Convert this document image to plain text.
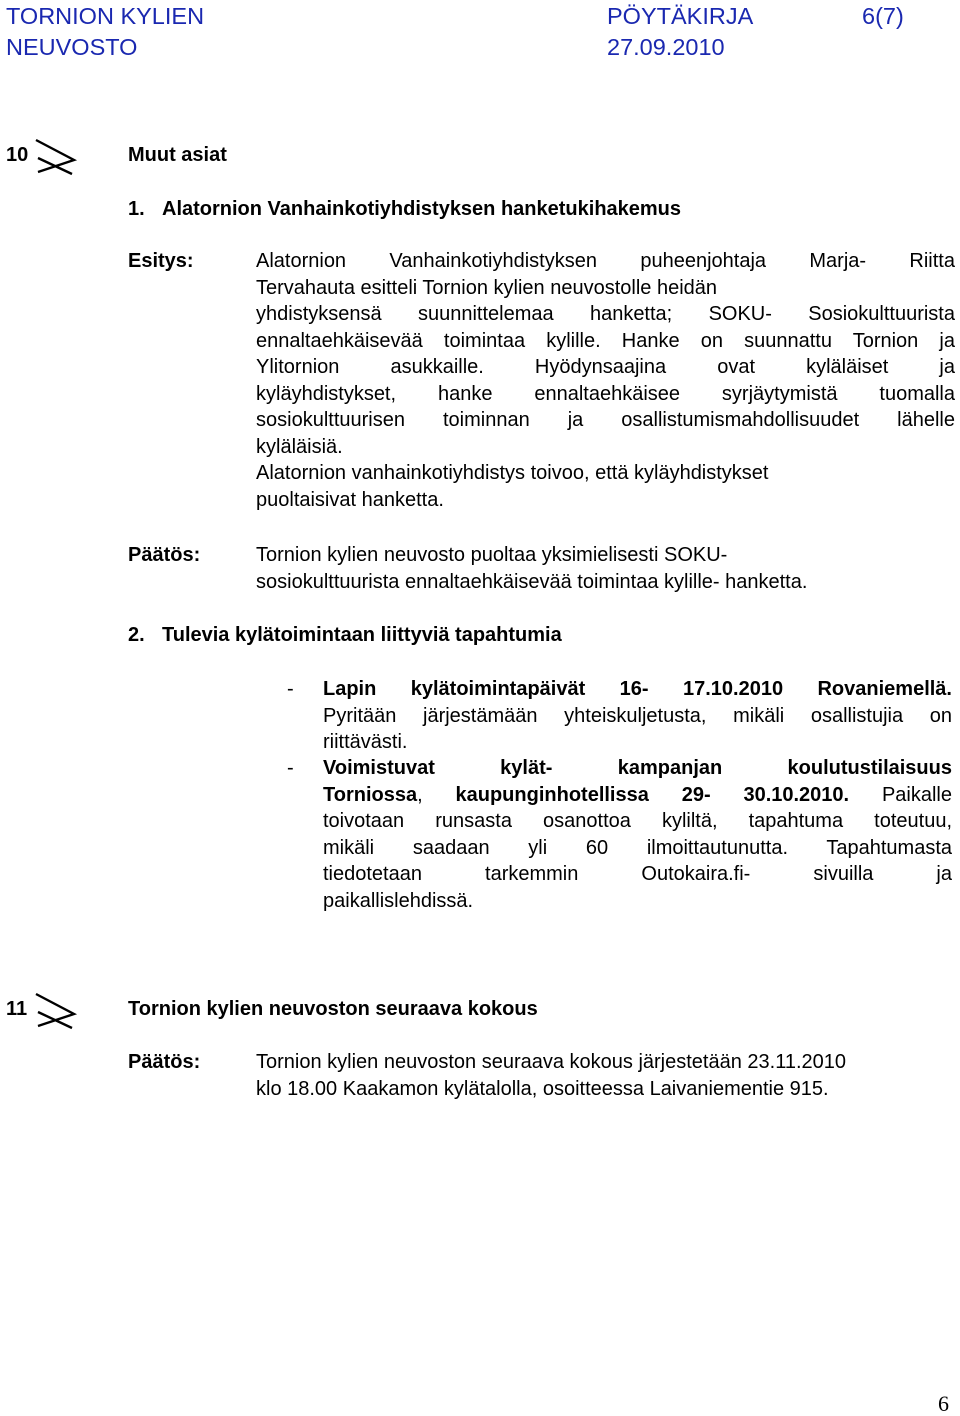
TORNION KYLIEN
NEUVOSTO
PÖYTÄKIRJA
27.09.2010
6(7)
10	Muut asiat
1. Alatornion Vanhainkotiyhdistyksen hanketukihakemus
Esitys:	Alatornion Vanhainkotiyhdistyksen puheenjohtaja Marja- Riitta
Tervahauta esitteli Tornion kylien neuvostolle heidän
yhdistyksensä suunnittelemaa hanketta; SOKU- Sosiokulttuurista
ennaltaehkäisevää toimintaa kylille. Hanke on suunnattu Tornion ja
Ylitornion asukkaille. Hyödynsaajina ovat kyläläiset ja
kyläyhdistykset, hanke ennaltaehkäisee syrjäytymistä tuomalla
sosiokulttuurisen toiminnan ja osallistumismahdollisuudet lähelle
kyläläisiä.
Alatornion vanhainkotiyhdistys toivoo, että kyläyhdistykset
puoltaisivat hanketta.
Päätös:	Tornion kylien neuvosto puoltaa yksimielisesti SOKU-
sosiokulttuurista ennaltaehkäisevää toimintaa kylille- hanketta.
2. Tulevia kylätoimintaan liittyviä tapahtumia
- Lapin kylätoimintapäivät 16- 17.10.2010 Rovaniemellä.
Pyritään järjestämään yhteiskuljetusta, mikäli osallistujia on
riittävästi.
- Voimistuvat kylät- kampanjan koulutustilaisuus
Torniossa, kaupunginhotellissa 29- 30.10.2010. Paikalle
toivotaan runsasta osanottoa kyliltä, tapahtuma toteutuu,
mikäli saadaan yli 60 ilmoittautunutta. Tapahtumasta
tiedotetaan tarkemmin Outokaira.fi- sivuilla ja
paikallislehdissä.
11	Tornion kylien neuvoston seuraava kokous
Päätös:	Tornion kylien neuvoston seuraava kokous järjestetään 23.11.2010
klo 18.00 Kaakamon kylätalolla, osoitteessa Laivaniementie 915.
6
